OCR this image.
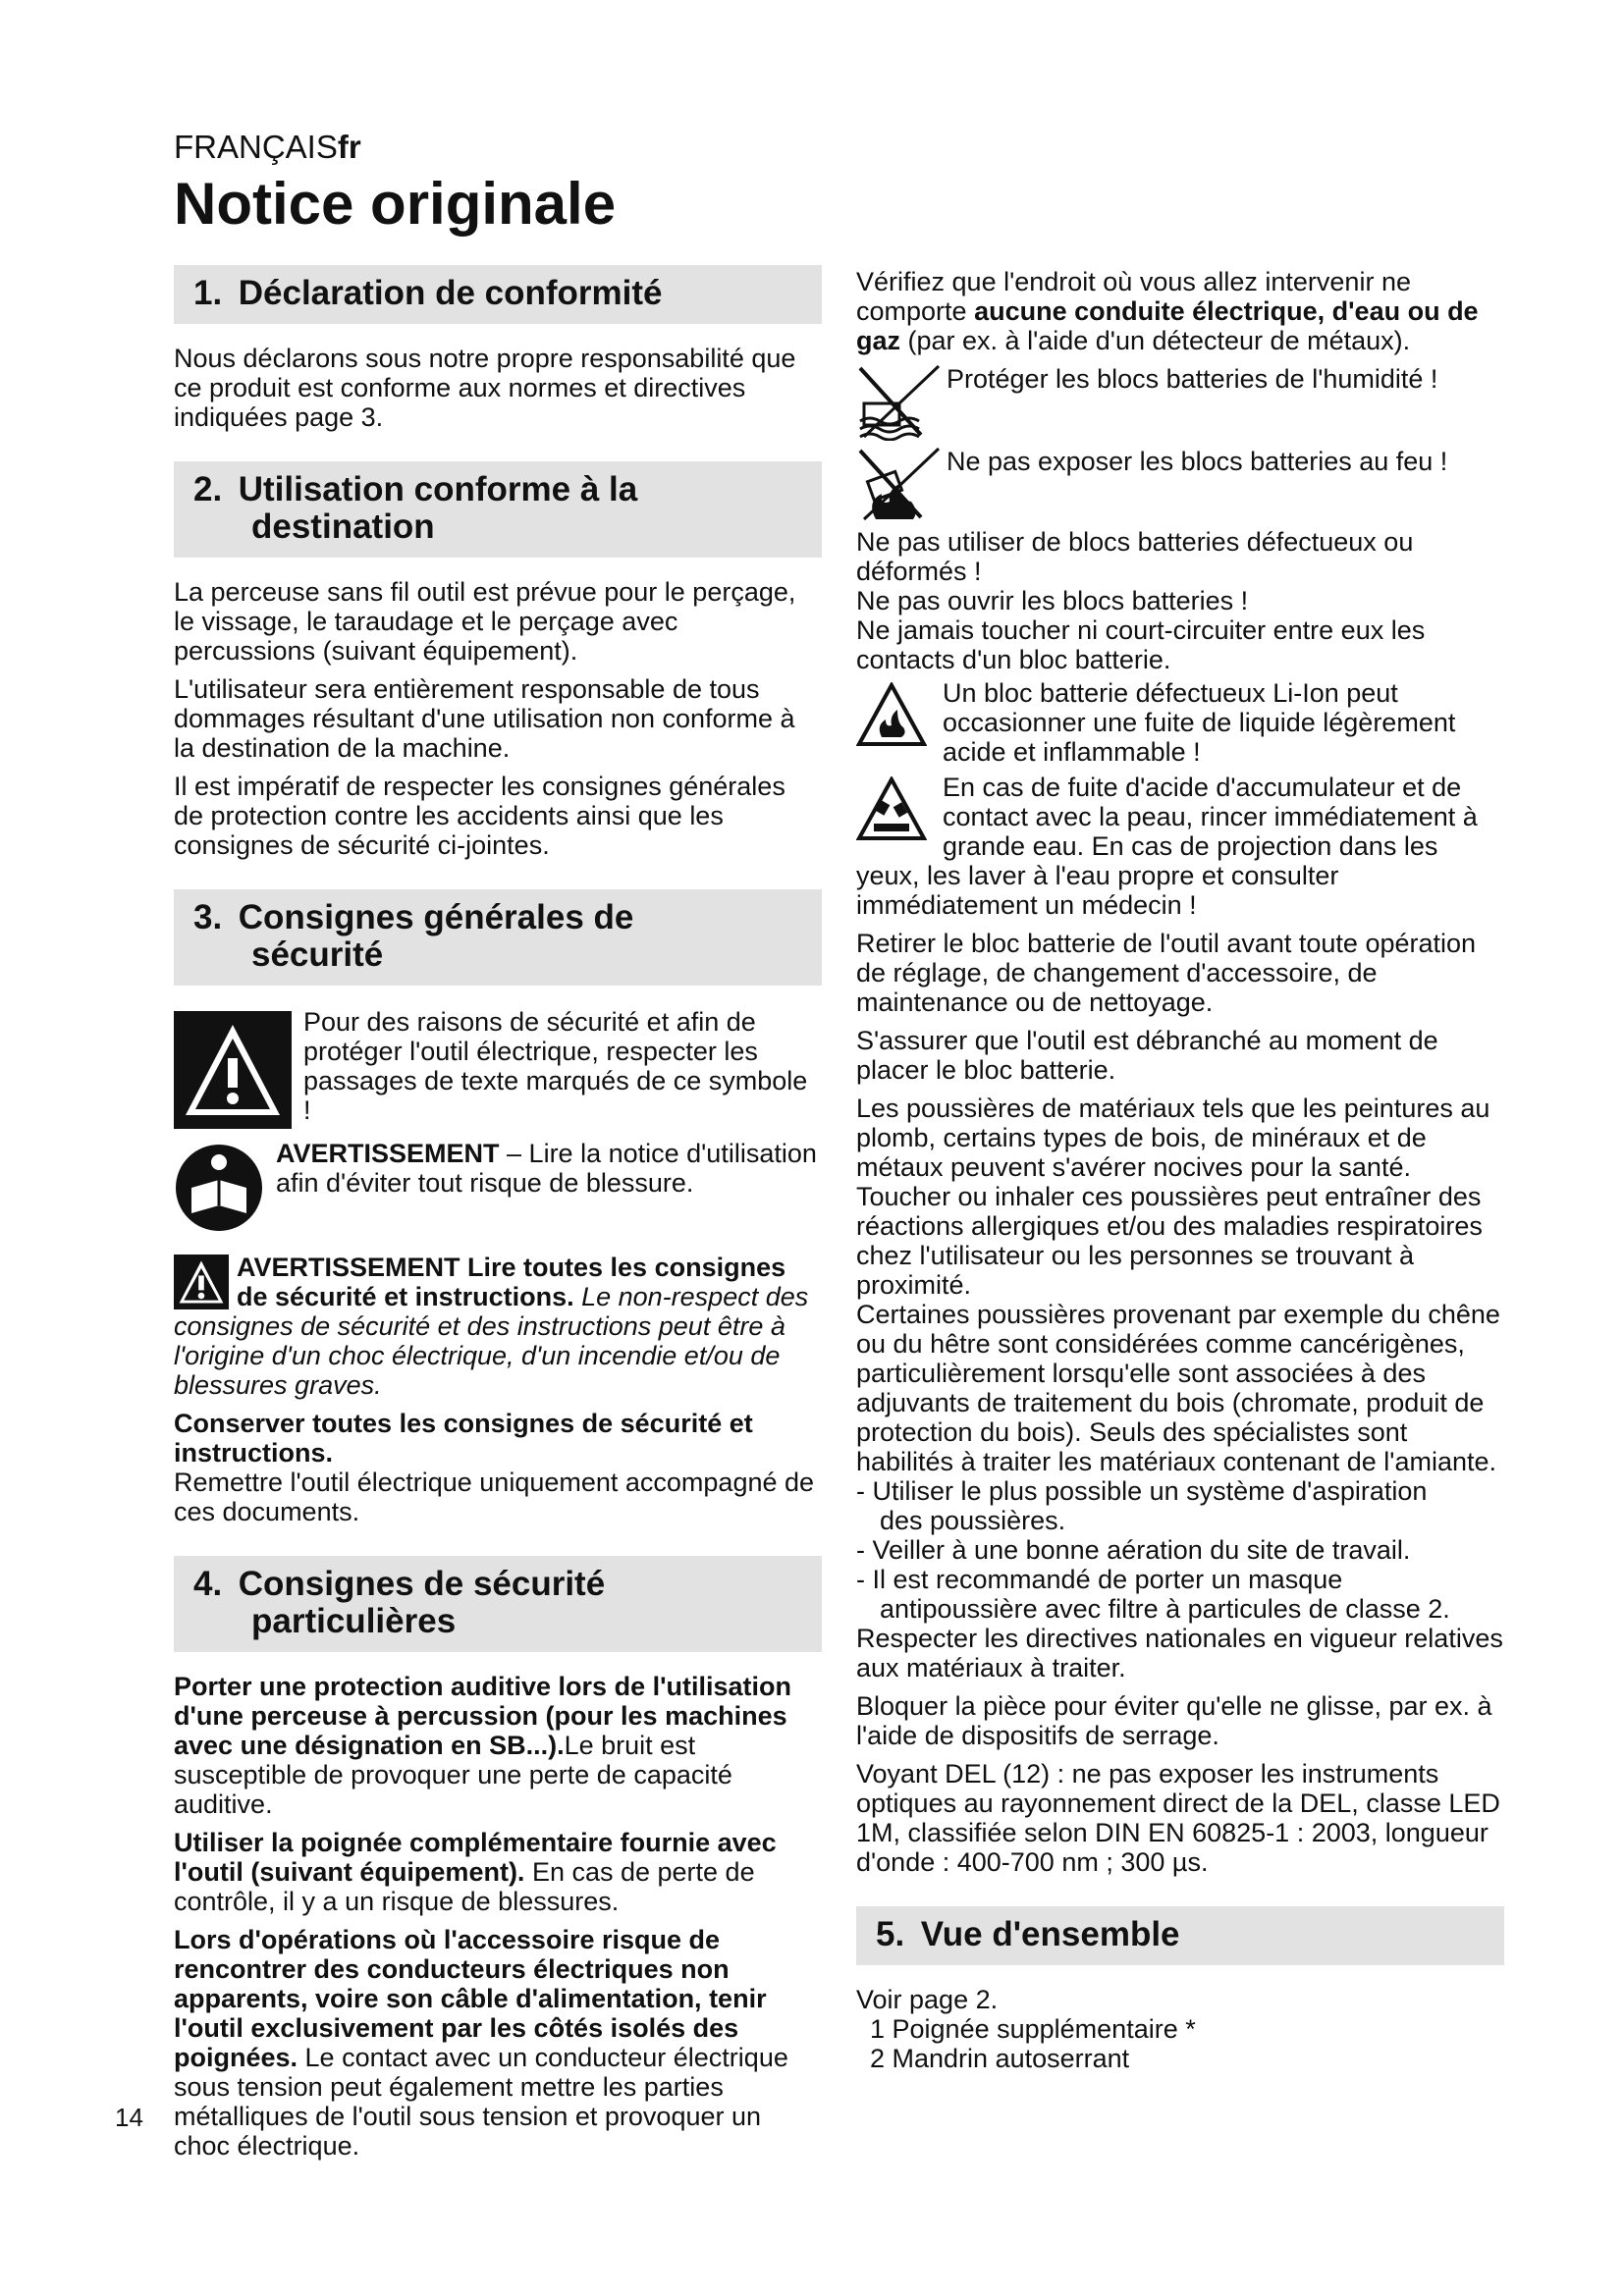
FRANÇAISfr
Notice originale
1. Déclaration de conformité

Nous déclarons sous notre propre responsabilité que ce produit est conforme aux normes et directives indiquées page 3.

2. Utilisation conforme à la
destination

La perceuse sans fil outil est prévue pour le perçage, le vissage, le taraudage et le perçage avec percussions (suivant équipement).

L'utilisateur sera entièrement responsable de tous dommages résultant d'une utilisation non conforme à la destination de la machine.

Il est impératif de respecter les consignes générales de protection contre les accidents ainsi que les consignes de sécurité ci-jointes.

3. Consignes générales de
sécurité
Pour des raisons de sécurité et afin de protéger l'outil électrique, respecter les passages de texte marqués de ce symbole !
AVERTISSEMENT – Lire la notice d'utilisation afin d'éviter tout risque de blessure.
AVERTISSEMENT Lire toutes les consignes de sécurité et instructions. Le non-respect des consignes de sécurité et des instructions peut être à l'origine d'un choc électrique, d'un incendie et/ou de blessures graves.

Conserver toutes les consignes de sécurité et instructions.

Remettre l'outil électrique uniquement accompagné de ces documents.

4. Consignes de sécurité
particulières

Porter une protection auditive lors de l'utilisation d'une perceuse à percussion (pour les machines avec une désignation en SB...).Le bruit est susceptible de provoquer une perte de capacité auditive.

Utiliser la poignée complémentaire fournie avec l'outil (suivant équipement). En cas de perte de contrôle, il y a un risque de blessures.

Lors d'opérations où l'accessoire risque de rencontrer des conducteurs électriques non apparents, voire son câble d'alimentation, tenir l'outil exclusivement par les côtés isolés des poignées. Le contact avec un conducteur électrique sous tension peut également mettre les parties métalliques de l'outil sous tension et provoquer un choc électrique.

Vérifiez que l'endroit où vous allez intervenir ne comporte aucune conduite électrique, d'eau ou de gaz (par ex. à l'aide d'un détecteur de métaux).

Protéger les blocs batteries de l'humidité !
Ne pas exposer les blocs batteries au feu !

Ne pas utiliser de blocs batteries défectueux ou déformés !

Ne pas ouvrir les blocs batteries !

Ne jamais toucher ni court-circuiter entre eux les contacts d'un bloc batterie.

Un bloc batterie défectueux Li-Ion peut occasionner une fuite de liquide légèrement acide et inflammable !
En cas de fuite d'acide d'accumulateur et de contact avec la peau, rincer immédiatement à grande eau. En cas de projection dans les yeux, les laver à l'eau propre et consulter immédiatement un médecin !

Retirer le bloc batterie de l'outil avant toute opération de réglage, de changement d'accessoire, de maintenance ou de nettoyage.

S'assurer que l'outil est débranché au moment de placer le bloc batterie.

Les poussières de matériaux tels que les peintures au plomb, certains types de bois, de minéraux et de métaux peuvent s'avérer nocives pour la santé. Toucher ou inhaler ces poussières peut entraîner des réactions allergiques et/ou des maladies respiratoires chez l'utilisateur ou les personnes se trouvant à proximité.

Certaines poussières provenant par exemple du chêne ou du hêtre sont considérées comme cancérigènes, particulièrement lorsqu'elle sont associées à des adjuvants de traitement du bois (chromate, produit de protection du bois). Seuls des spécialistes sont habilités à traiter les matériaux contenant de l'amiante.

- Utiliser le plus possible un système d'aspiration
des poussières.
- Veiller à une bonne aération du site de travail.
- Il est recommandé de porter un masque
antipoussière avec filtre à particules de classe 2.

Respecter les directives nationales en vigueur relatives aux matériaux à traiter.

Bloquer la pièce pour éviter qu'elle ne glisse, par ex. à l'aide de dispositifs de serrage.

Voyant DEL (12) : ne pas exposer les instruments optiques au rayonnement direct de la DEL, classe LED 1M, classifiée selon DIN EN 60825-1 : 2003, longueur d'onde : 400-700 nm ; 300 µs.

5. Vue d'ensemble

Voir page 2.

1 Poignée supplémentaire *
2 Mandrin autoserrant
14
